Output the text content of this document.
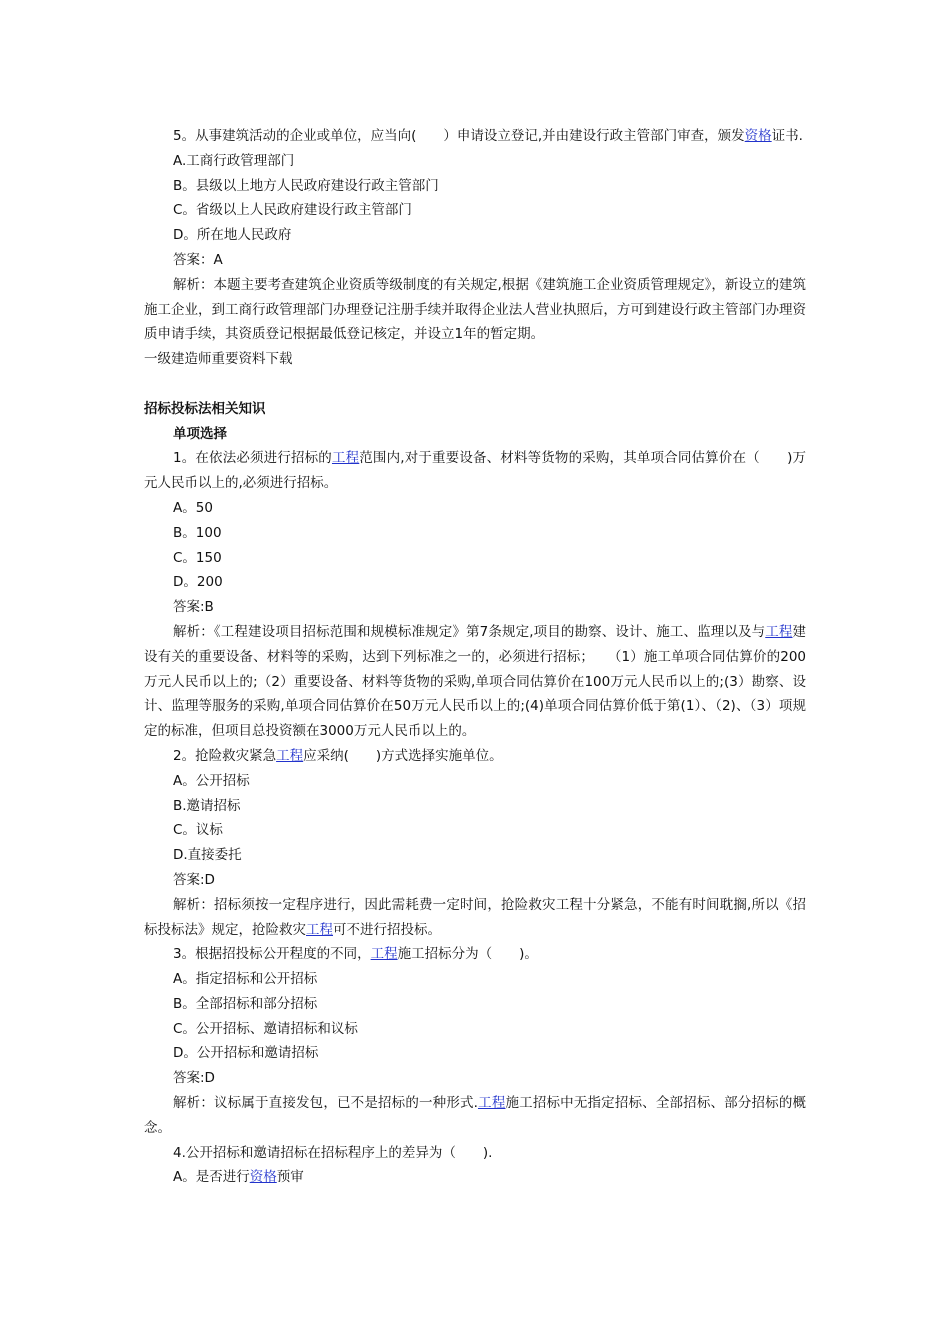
5。从事建筑活动的企业或单位，应当向(　　）申请设立登记,并由建设行政主管部门审查，颁发资格证书.
A.工商行政管理部门
B。县级以上地方人民政府建设行政主管部门
C。省级以上人民政府建设行政主管部门
D。所在地人民政府
答案：A
解析：本题主要考查建筑企业资质等级制度的有关规定,根据《建筑施工企业资质管理规定》，新设立的建筑施工企业，到工商行政管理部门办理登记注册手续并取得企业法人营业执照后，方可到建设行政主管部门办理资质申请手续，其资质登记根据最低登记核定，并设立1年的暂定期。
一级建造师重要资料下载
招标投标法相关知识
单项选择
1。在依法必须进行招标的工程范围内,对于重要设备、材料等货物的采购，其单项合同估算价在（　　)万元人民币以上的,必须进行招标。
A。50
B。100
C。150
D。200
答案:B
解析：《工程建设项目招标范围和规模标准规定》第7条规定,项目的勘察、设计、施工、监理以及与工程建设有关的重要设备、材料等的采购，达到下列标准之一的，必须进行招标；　　（1）施工单项合同估算价的200万元人民币以上的;（2）重要设备、材料等货物的采购,单项合同估算价在100万元人民币以上的;(3）勘察、设计、监理等服务的采购,单项合同估算价在50万元人民币以上的;(4)单项合同估算价低于第(1）、（2)、（3）项规定的标准，但项目总投资额在3000万元人民币以上的。
2。抢险救灾紧急工程应采纳(　　)方式选择实施单位。
A。公开招标
B.邀请招标
C。议标
D.直接委托
答案:D
解析：招标须按一定程序进行，因此需耗费一定时间，抢险救灾工程十分紧急，不能有时间耽搁,所以《招标投标法》规定，抢险救灾工程可不进行招投标。
3。根据招投标公开程度的不同，工程施工招标分为（　　)。
A。指定招标和公开招标
B。全部招标和部分招标
C。公开招标、邀请招标和议标
D。公开招标和邀请招标
答案:D
解析：议标属于直接发包，已不是招标的一种形式.工程施工招标中无指定招标、全部招标、部分招标的概念。
4.公开招标和邀请招标在招标程序上的差异为（　　).
A。是否进行资格预审
